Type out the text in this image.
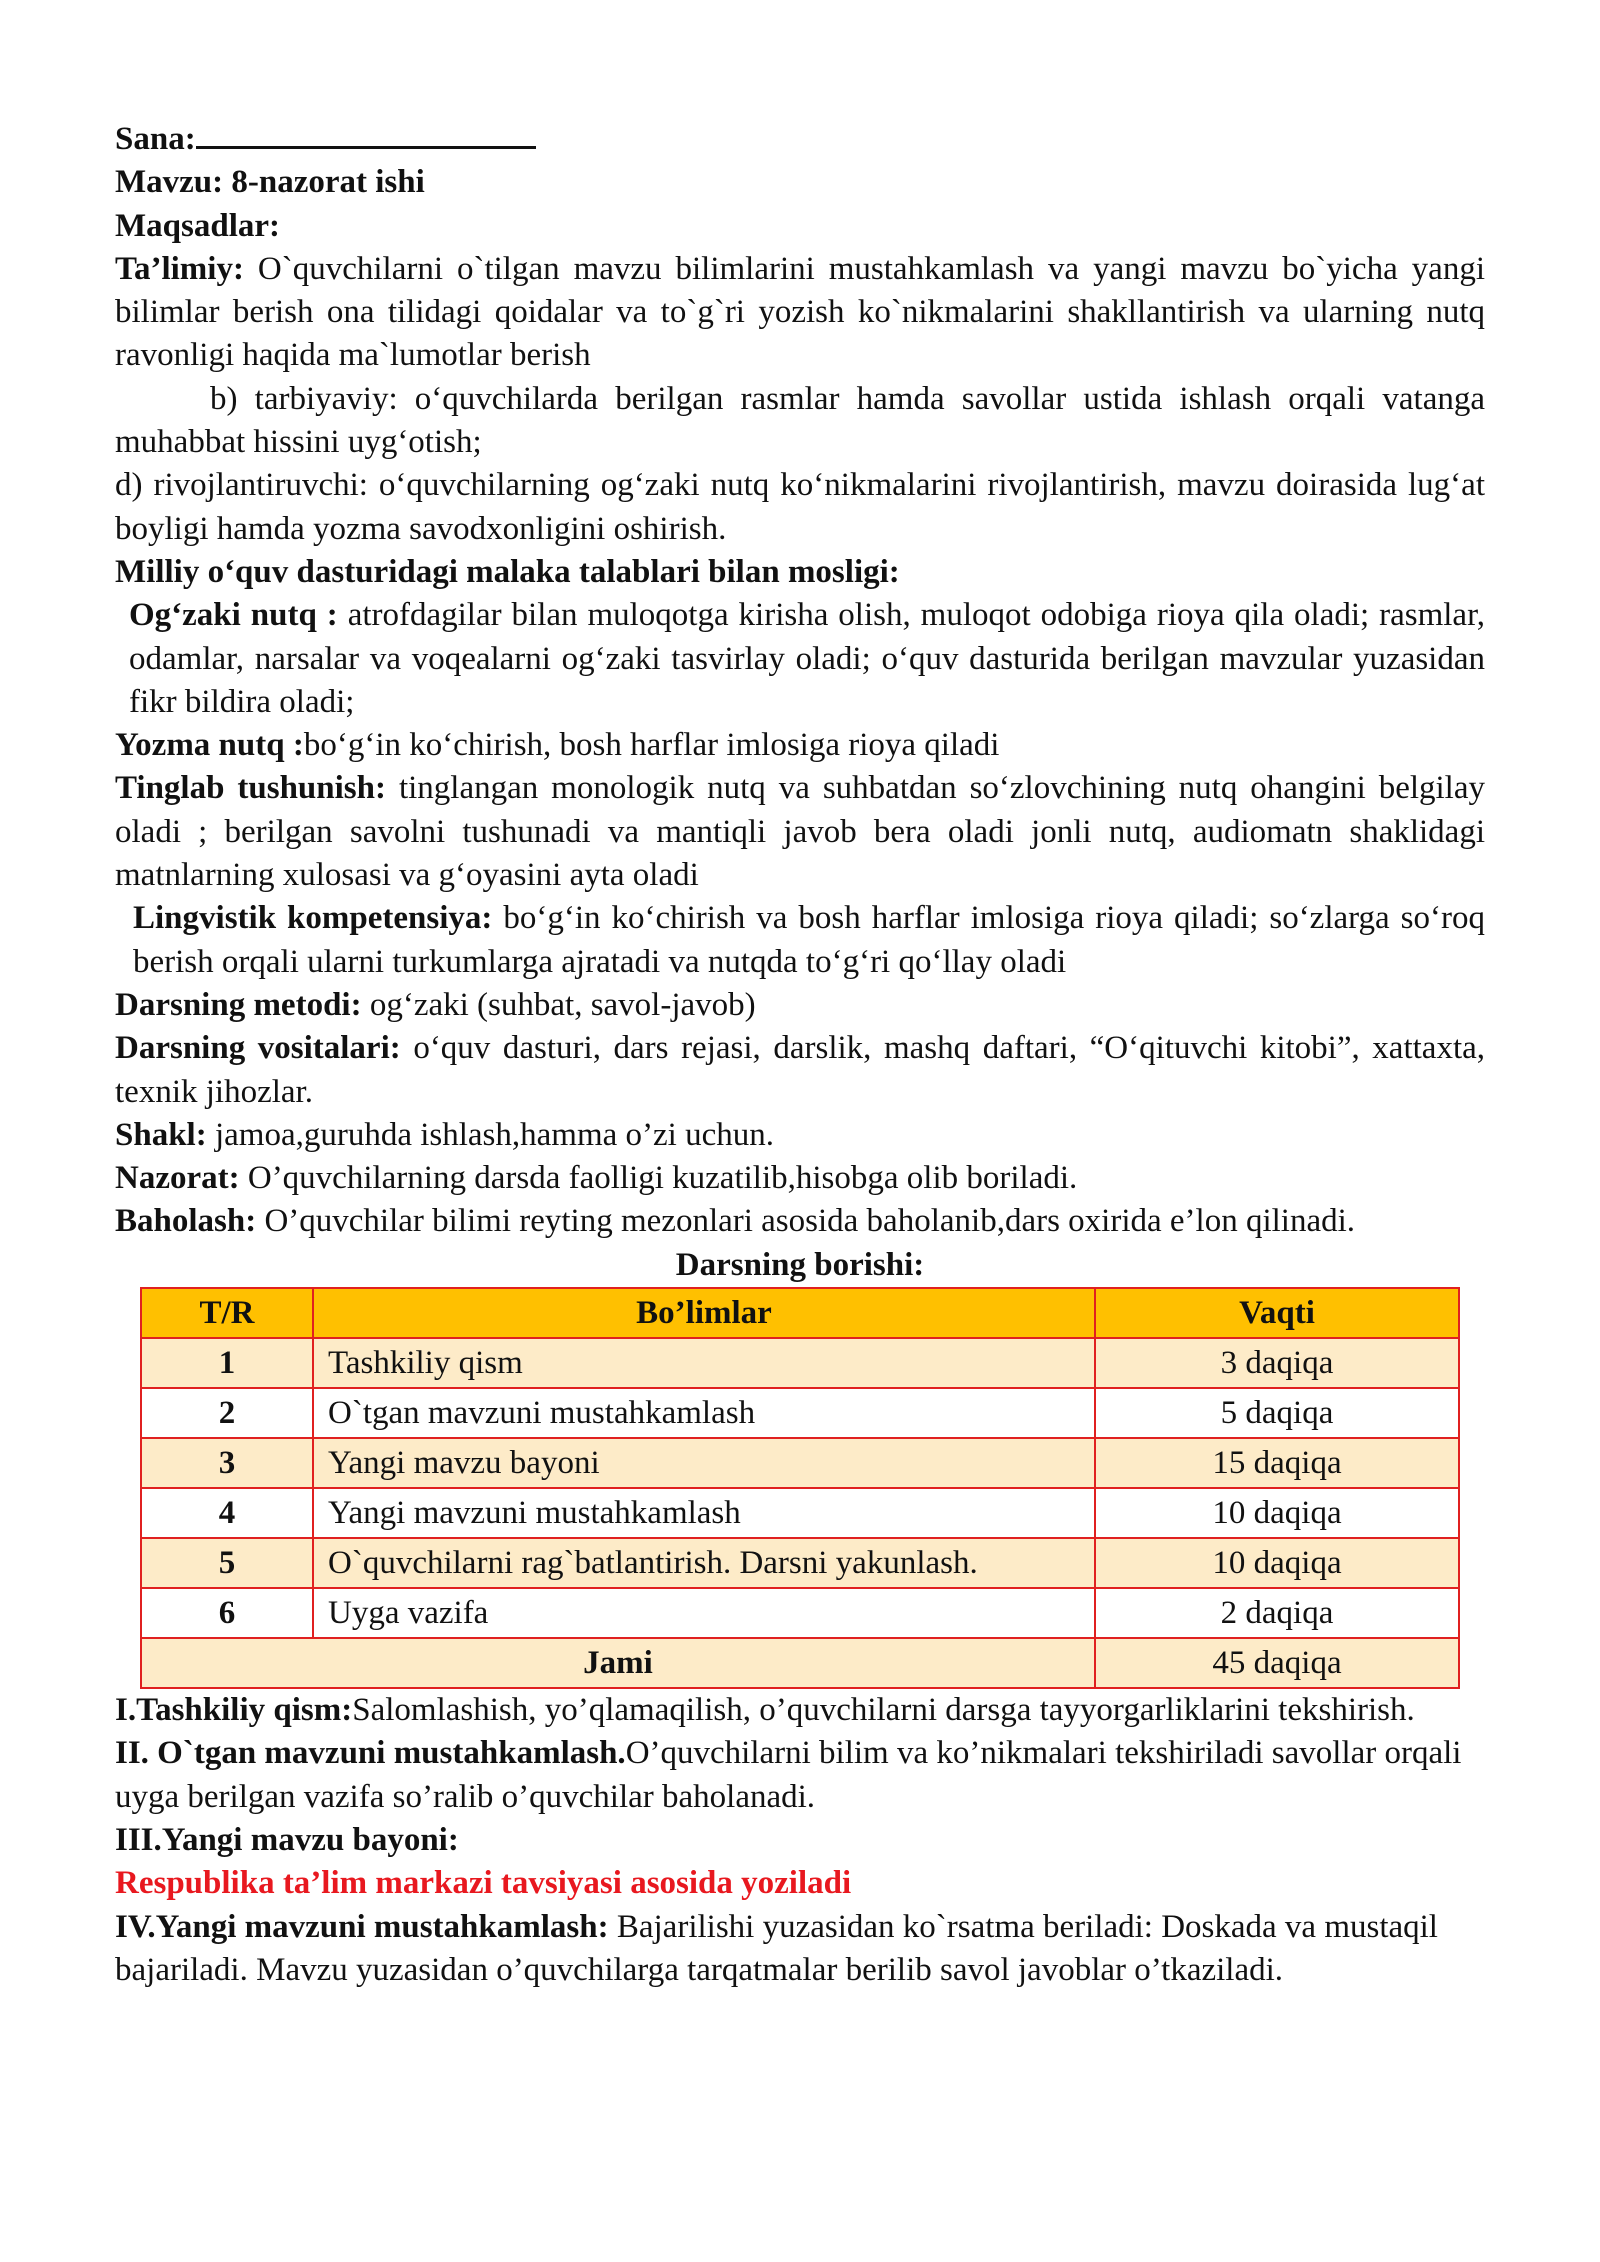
Sana:

Mavzu: 8-nazorat ishi

Maqsadlar:

Ta’limiy: O`quvchilarni o`tilgan mavzu bilimlarini mustahkamlash va yangi mavzu bo`yicha yangi bilimlar berish ona tilidagi qoidalar va to`g`ri yozish ko`nikmalarini shakllantirish va ularning nutq ravonligi haqida ma`lumotlar berish

b) tarbiyaviy: o‘quvchilarda berilgan rasmlar hamda savollar ustida ishlash orqali vatanga muhabbat hissini uyg‘otish;

d) rivojlantiruvchi: o‘quvchilarning og‘zaki nutq ko‘nikmalarini rivojlantirish, mavzu doirasida lug‘at boyligi hamda yozma savodxonligini oshirish.

Milliy o‘quv dasturidagi malaka talablari bilan mosligi:

Og‘zaki nutq : atrofdagilar bilan muloqotga kirisha olish, muloqot odobiga rioya qila oladi; rasmlar, odamlar, narsalar va voqealarni og‘zaki tasvirlay oladi; o‘quv dasturida berilgan mavzular yuzasidan fikr bildira oladi;

Yozma nutq :bo‘g‘in ko‘chirish, bosh harflar imlosiga rioya qiladi

Tinglab tushunish: tinglangan monologik nutq va suhbatdan so‘zlovchining nutq ohangini belgilay oladi ; berilgan savolni tushunadi va mantiqli javob bera oladi jonli nutq, audiomatn shaklidagi matnlarning xulosasi va g‘oyasini ayta oladi

Lingvistik kompetensiya: bo‘g‘in ko‘chirish va bosh harflar imlosiga rioya qiladi; so‘zlarga so‘roq berish orqali ularni turkumlarga ajratadi va nutqda to‘g‘ri qo‘llay oladi

Darsning metodi: og‘zaki (suhbat, savol-javob)

Darsning vositalari: o‘quv dasturi, dars rejasi, darslik, mashq daftari, “O‘qituvchi kitobi”, xattaxta, texnik jihozlar.

Shakl: jamoa,guruhda ishlash,hamma o’zi uchun.

Nazorat: O’quvchilarning darsda faolligi kuzatilib,hisobga olib boriladi.

Baholash: O’quvchilar bilimi reyting mezonlari asosida baholanib,dars oxirida e’lon qilinadi.

Darsning borishi:

T/R	Bo’limlar	Vaqti
1	Tashkiliy qism	3 daqiqa
2	O`tgan mavzuni mustahkamlash	5 daqiqa
3	Yangi mavzu bayoni	15 daqiqa
4	Yangi mavzuni mustahkamlash	10 daqiqa
5	O`quvchilarni rag`batlantirish. Darsni yakunlash.	10 daqiqa
6	Uyga vazifa	2 daqiqa
Jami		45 daqiqa

I.Tashkiliy qism:Salomlashish, yo’qlamaqilish, o’quvchilarni darsga tayyorgarliklarini tekshirish.

II. O`tgan mavzuni mustahkamlash.O’quvchilarni bilim va ko’nikmalari tekshiriladi savollar orqali uyga berilgan vazifa so’ralib o’quvchilar baholanadi.

III.Yangi mavzu bayoni:

Respublika ta’lim markazi tavsiyasi asosida yoziladi

IV.Yangi mavzuni mustahkamlash: Bajarilishi yuzasidan ko`rsatma beriladi: Doskada va mustaqil bajariladi. Mavzu yuzasidan o’quvchilarga tarqatmalar berilib savol javoblar o’tkaziladi.
